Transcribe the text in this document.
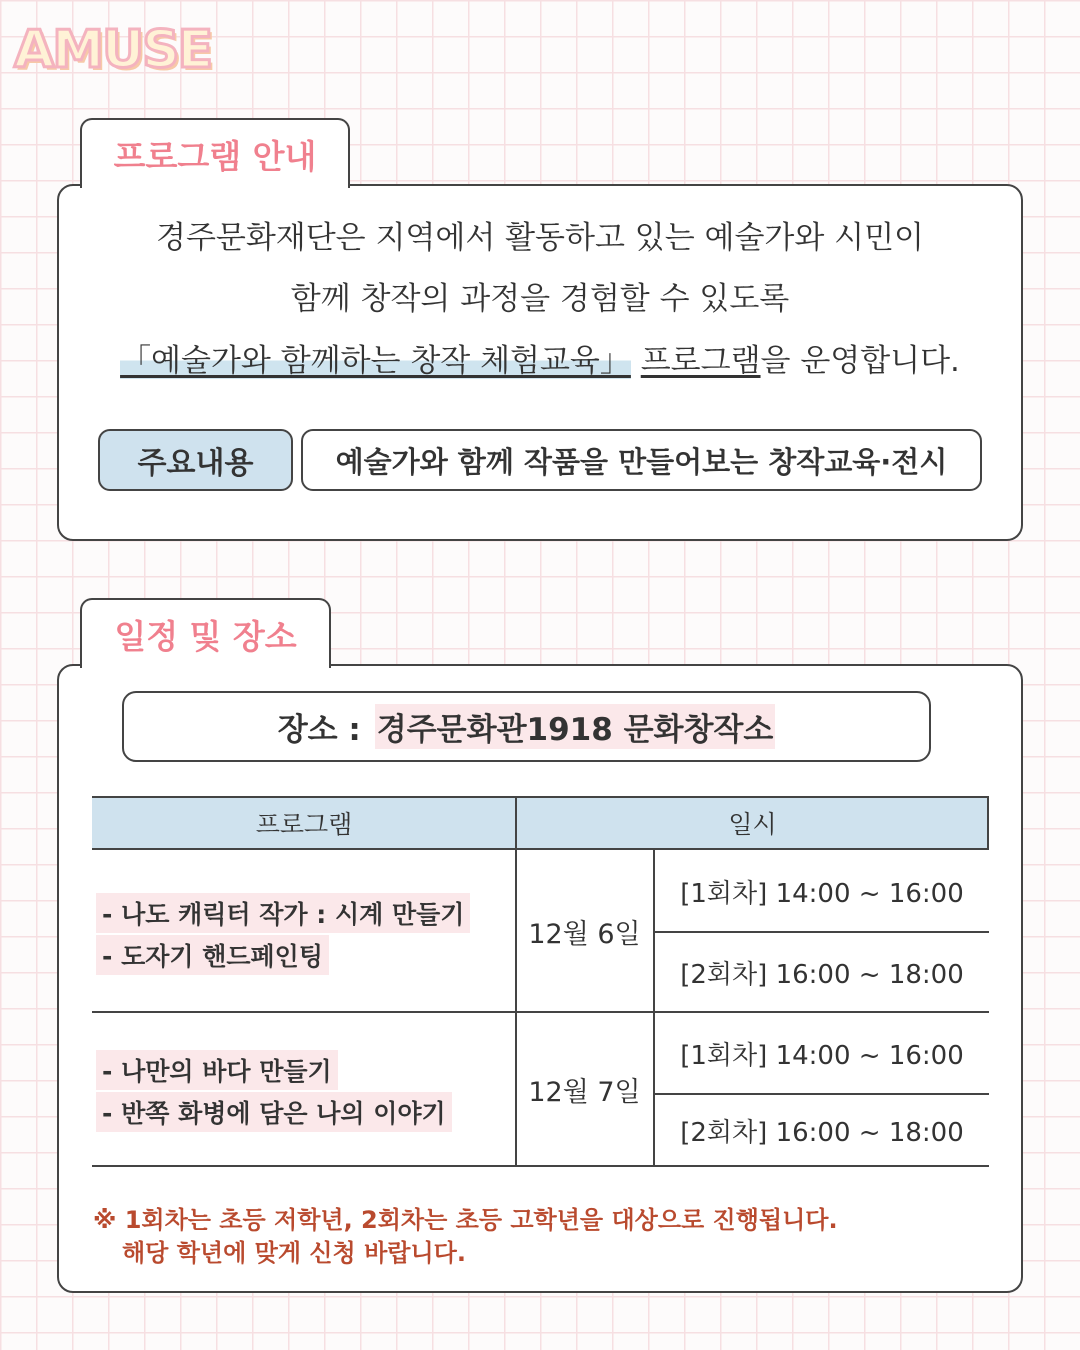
AMUSE
프로그램 안내
경주문화재단은 지역에서 활동하고 있는 예술가와 시민이
함께 창작의 과정을 경험할 수 있도록
「예술가와 함께하는 창작 체험교육」 프로그램을 운영합니다.
주요내용	예술가와 함께 작품을 만들어보는 창작교육·전시
일정 및 장소
장소 : 경주문화관1918 문화창작소
프로그램	일시
- 나도 캐릭터 작가 : 시계 만들기
- 도자기 핸드페인팅
12월 6일
[1회차] 14:00 ~ 16:00
[2회차] 16:00 ~ 18:00
- 나만의 바다 만들기
- 반쪽 화병에 담은 나의 이야기
12월 7일
[1회차] 14:00 ~ 16:00
[2회차] 16:00 ~ 18:00
※ 1회차는 초등 저학년, 2회차는 초등 고학년을 대상으로 진행됩니다.
해당 학년에 맞게 신청 바랍니다.
